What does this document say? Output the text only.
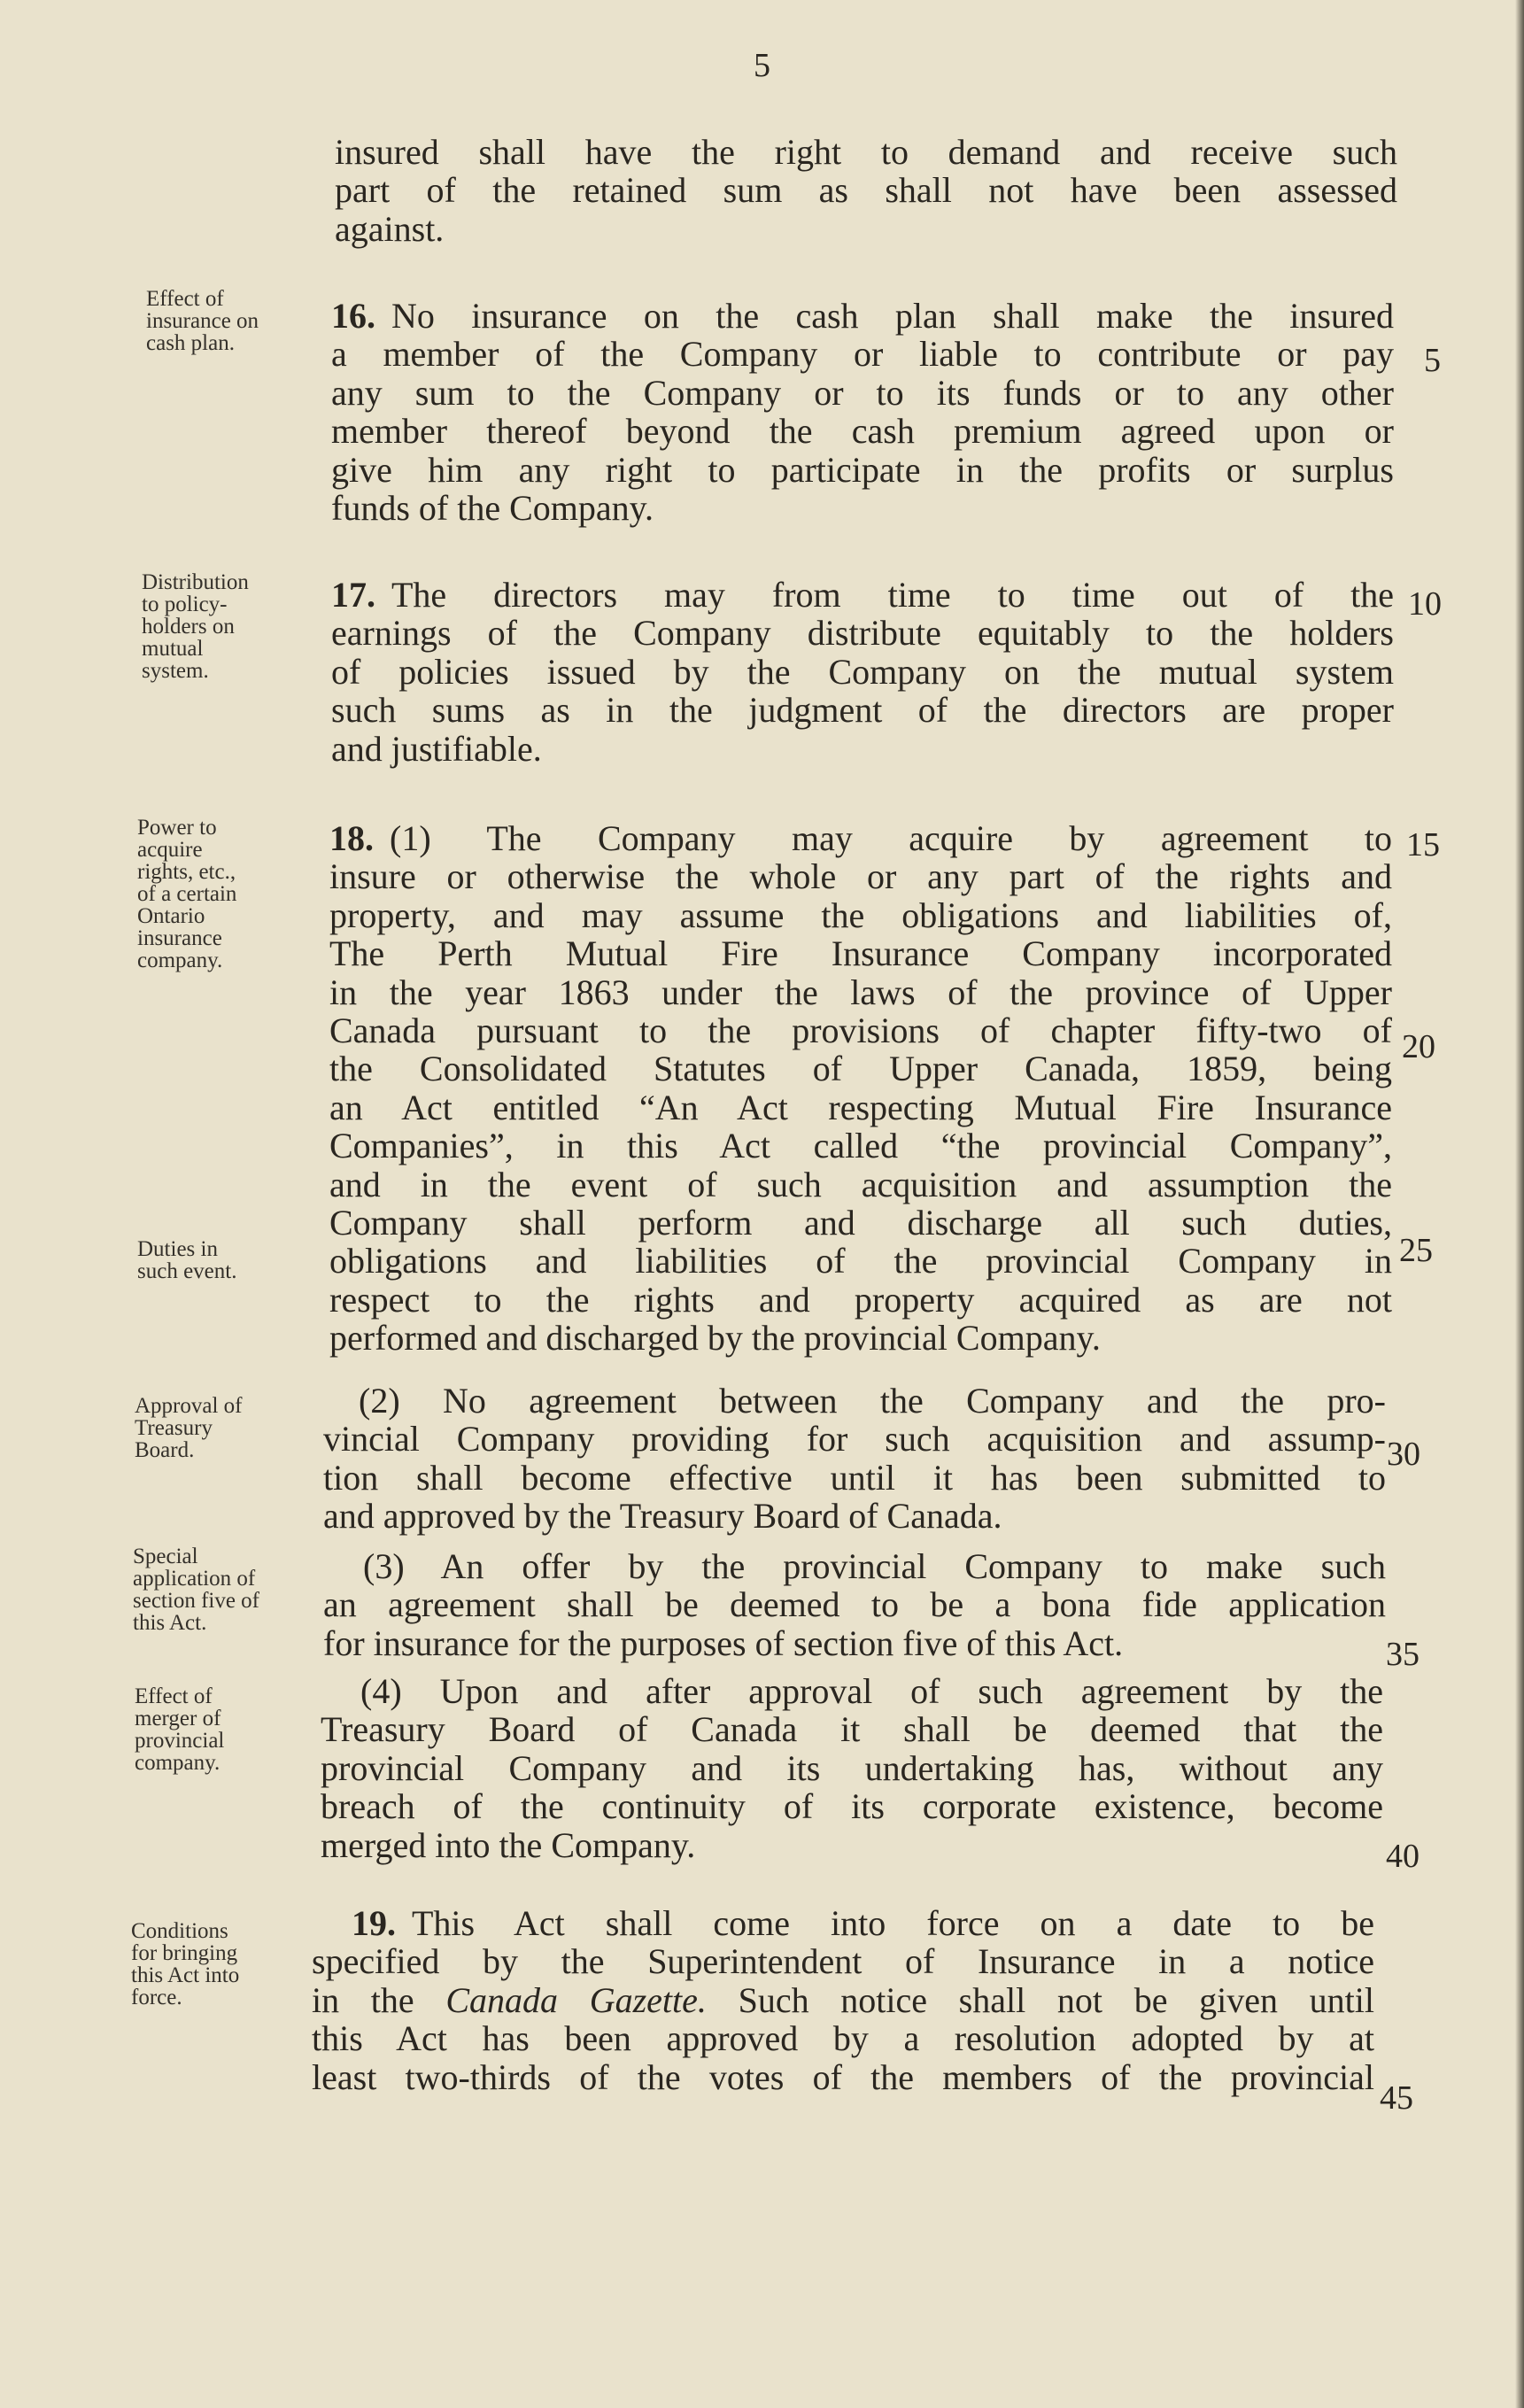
5
insured shall have the right to demand and receive such
part of the retained sum as shall not have been assessed
against.
Effect of
insurance on
cash plan.
16. No insurance on the cash plan shall make the insured
a member of the Company or liable to contribute or pay
any sum to the Company or to its funds or to any other
member thereof beyond the cash premium agreed upon or
give him any right to participate in the profits or surplus
funds of the Company.
Distribution
to policy-
holders on
mutual
system.
17. The directors may from time to time out of the
earnings of the Company distribute equitably to the holders
of policies issued by the Company on the mutual system
such sums as in the judgment of the directors are proper
and justifiable.
Power to
acquire
rights, etc.,
of a certain
Ontario
insurance
company.
18. (1) The Company may acquire by agreement to
insure or otherwise the whole or any part of the rights and
property, and may assume the obligations and liabilities of,
The Perth Mutual Fire Insurance Company incorporated
in the year 1863 under the laws of the province of Upper
Canada pursuant to the provisions of chapter fifty-two of
the Consolidated Statutes of Upper Canada, 1859, being
an Act entitled “An Act respecting Mutual Fire Insurance
Companies”, in this Act called “the provincial Company”,
and in the event of such acquisition and assumption the
Company shall perform and discharge all such duties,
obligations and liabilities of the provincial Company in
respect to the rights and property acquired as are not
performed and discharged by the provincial Company.
Duties in
such event.
Approval of
Treasury
Board.
(2) No agreement between the Company and the pro-
vincial Company providing for such acquisition and assump-
tion shall become effective until it has been submitted to
and approved by the Treasury Board of Canada.
Special
application of
section five of
this Act.
(3) An offer by the provincial Company to make such
an agreement shall be deemed to be a bona fide application
for insurance for the purposes of section five of this Act.
Effect of
merger of
provincial
company.
(4) Upon and after approval of such agreement by the
Treasury Board of Canada it shall be deemed that the
provincial Company and its undertaking has, without any
breach of the continuity of its corporate existence, become
merged into the Company.
Conditions
for bringing
this Act into
force.
19. This Act shall come into force on a date to be
specified by the Superintendent of Insurance in a notice
in the Canada Gazette. Such notice shall not be given until
this Act has been approved by a resolution adopted by at
least two-thirds of the votes of the members of the provincial
5
10
15
20
25
30
35
40
45
